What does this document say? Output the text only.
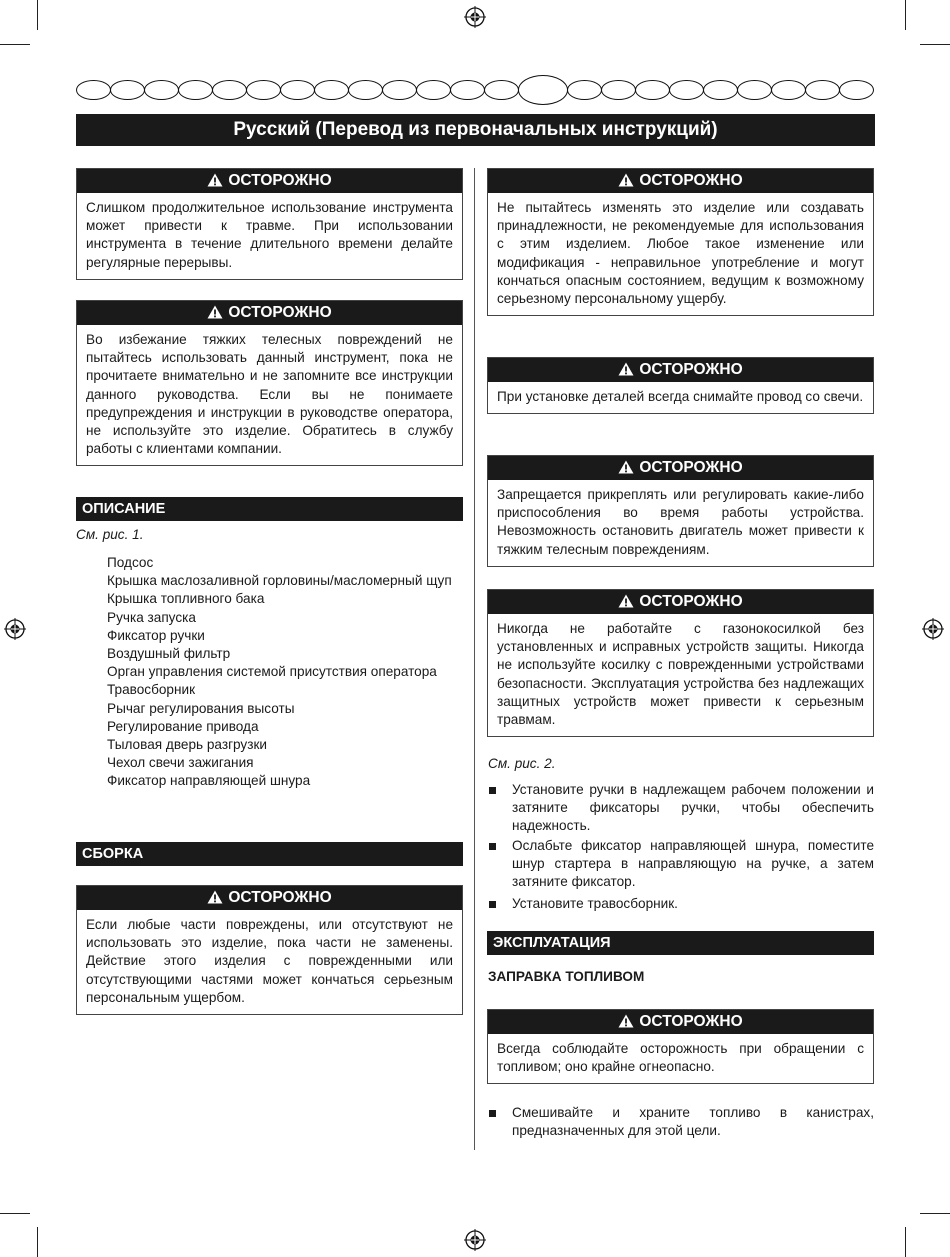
Русский (Перевод из первоначальных инструкций)
ОСТОРОЖНО
Слишком продолжительное использование инструмента может привести к травме. При использовании инструмента в течение длительного времени делайте регулярные перерывы.
ОСТОРОЖНО
Во избежание тяжких телесных повреждений не пытайтесь использовать данный инструмент, пока не прочитаете внимательно и не запомните все инструкции данного руководства. Если вы не понимаете предупреждения и инструкции в руководстве оператора, не используйте это изделие. Обратитесь в службу работы с клиентами компании.
ОПИСАНИЕ
См. рис. 1.
Подсос
Крышка маслозаливной горловины/масломерный щуп
Крышка топливного бака
Ручка запуска
Фиксатор ручки
Воздушный фильтр
Орган управления системой присутствия оператора
Травосборник
Рычаг регулирования высоты
Регулирование привода
Тыловая дверь разгрузки
Чехол свечи зажигания
Фиксатор направляющей шнура
СБОРКА
ОСТОРОЖНО
Если любые части повреждены, или отсутствуют не использовать это изделие, пока части не заменены. Действие этого изделия с поврежденными или отсутствующими частями может кончаться серьезным персональным ущербом.
ОСТОРОЖНО
Не пытайтесь изменять это изделие или создавать принадлежности, не рекомендуемые для использования с этим изделием. Любое такое изменение или модификация - неправильное употребление и могут кончаться опасным состоянием, ведущим к возможному серьезному персональному ущербу.
ОСТОРОЖНО
При установке деталей всегда снимайте провод со свечи.
ОСТОРОЖНО
Запрещается прикреплять или регулировать какие-либо приспособления во время работы устройства. Невозможность остановить двигатель может привести к тяжким телесным повреждениям.
ОСТОРОЖНО
Никогда не работайте с газонокосилкой без установленных и исправных устройств защиты. Никогда не используйте косилку с поврежденными устройствами безопасности. Эксплуатация устройства без надлежащих защитных устройств может привести к серьезным травмам.
См. рис. 2.
Установите ручки в надлежащем рабочем положении и затяните фиксаторы ручки, чтобы обеспечить надежность.
Ослабьте фиксатор направляющей шнура, поместите шнур стартера в направляющую на ручке, а затем затяните фиксатор.
Установите травосборник.
ЭКСПЛУАТАЦИЯ
ЗАПРАВКА ТОПЛИВОМ
ОСТОРОЖНО
Всегда соблюдайте осторожность при обращении с топливом; оно крайне огнеопасно.
Смешивайте и храните топливо в канистрах, предназначенных для этой цели.
